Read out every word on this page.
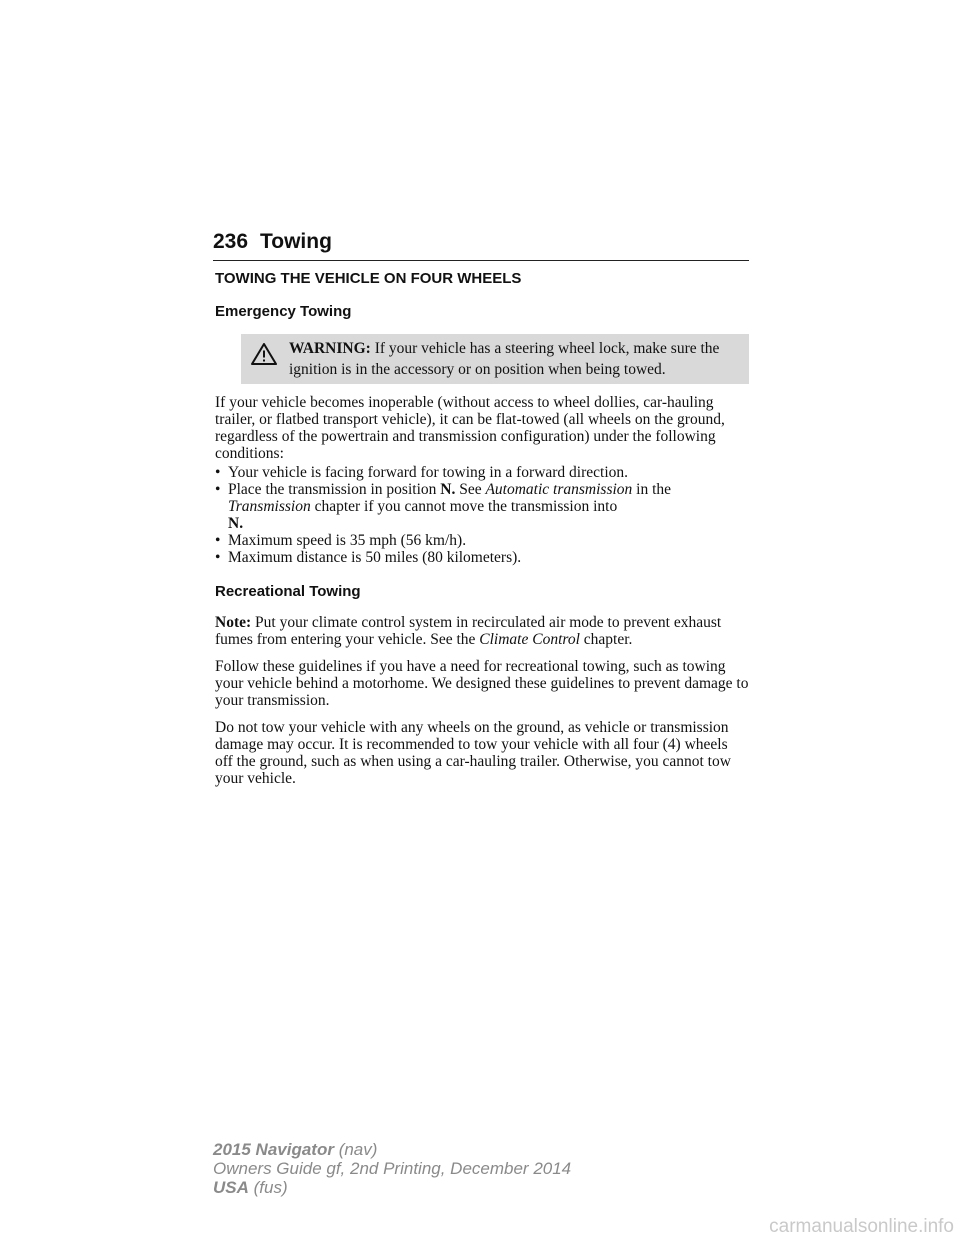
236 Towing
TOWING THE VEHICLE ON FOUR WHEELS
Emergency Towing
WARNING: If your vehicle has a steering wheel lock, make sure the ignition is in the accessory or on position when being towed.

If your vehicle becomes inoperable (without access to wheel dollies, car-hauling trailer, or flatbed transport vehicle), it can be flat-towed (all wheels on the ground, regardless of the powertrain and transmission configuration) under the following conditions:

• Your vehicle is facing forward for towing in a forward direction.
• Place the transmission in position N. See Automatic transmission in the Transmission chapter if you cannot move the transmission into
N.
• Maximum speed is 35 mph (56 km/h).
• Maximum distance is 50 miles (80 kilometers).
Recreational Towing

Note: Put your climate control system in recirculated air mode to prevent exhaust fumes from entering your vehicle. See the Climate Control chapter.

Follow these guidelines if you have a need for recreational towing, such as towing your vehicle behind a motorhome. We designed these guidelines to prevent damage to your transmission.

Do not tow your vehicle with any wheels on the ground, as vehicle or transmission damage may occur. It is recommended to tow your vehicle with all four (4) wheels off the ground, such as when using a car-hauling trailer. Otherwise, you cannot tow your vehicle.

2015 Navigator (nav)
Owners Guide gf, 2nd Printing, December 2014
USA (fus)
carmanualsonline.info
